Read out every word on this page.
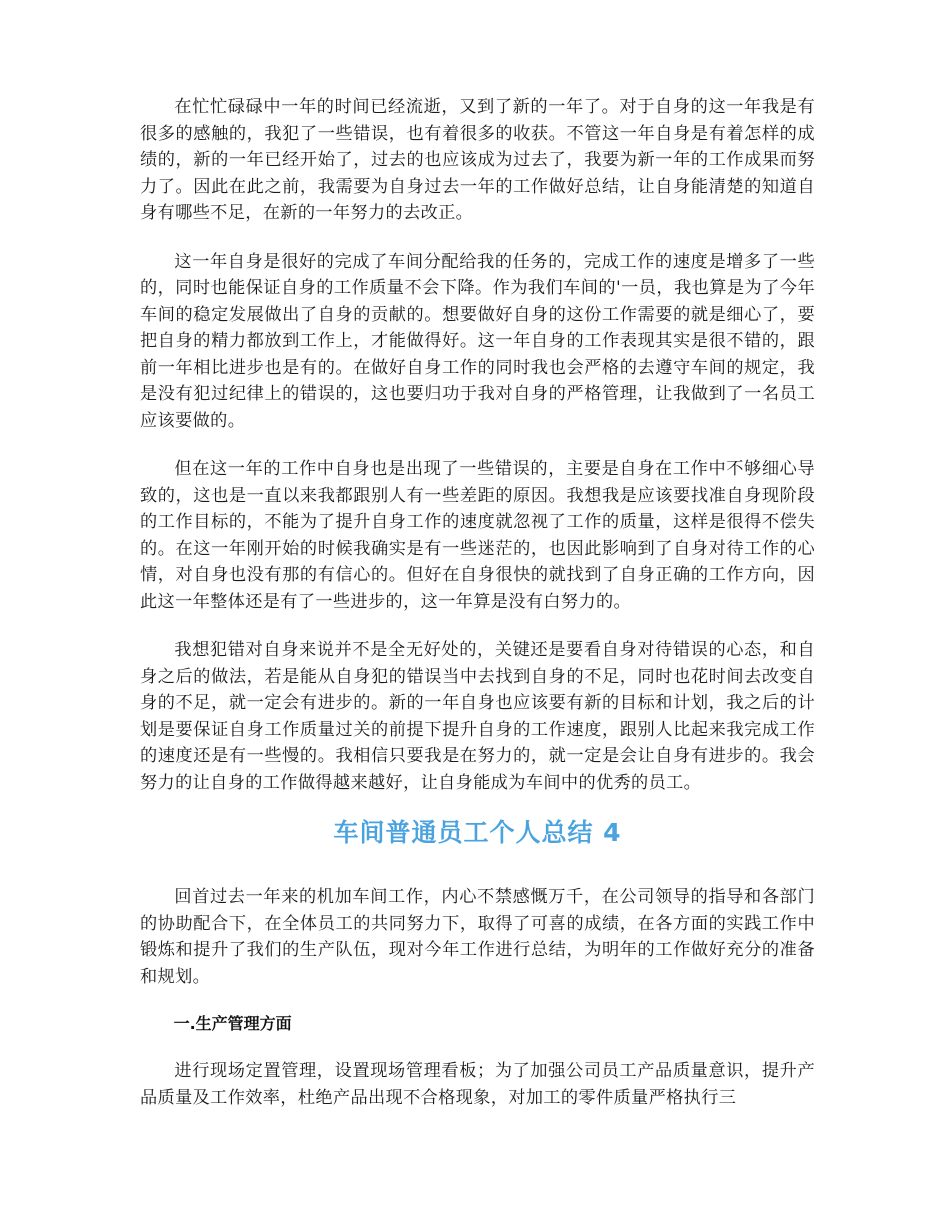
在忙忙碌碌中一年的时间已经流逝，又到了新的一年了。对于自身的这一年我是有很多的感触的，我犯了一些错误，也有着很多的收获。不管这一年自身是有着怎样的成绩的，新的一年已经开始了，过去的也应该成为过去了，我要为新一年的工作成果而努力了。因此在此之前，我需要为自身过去一年的工作做好总结，让自身能清楚的知道自身有哪些不足，在新的一年努力的去改正。

这一年自身是很好的完成了车间分配给我的任务的，完成工作的速度是增多了一些的，同时也能保证自身的工作质量不会下降。作为我们车间的'一员，我也算是为了今年车间的稳定发展做出了自身的贡献的。想要做好自身的这份工作需要的就是细心了，要把自身的精力都放到工作上，才能做得好。这一年自身的工作表现其实是很不错的，跟前一年相比进步也是有的。在做好自身工作的同时我也会严格的去遵守车间的规定，我是没有犯过纪律上的错误的，这也要归功于我对自身的严格管理，让我做到了一名员工应该要做的。

但在这一年的工作中自身也是出现了一些错误的，主要是自身在工作中不够细心导致的，这也是一直以来我都跟别人有一些差距的原因。我想我是应该要找准自身现阶段的工作目标的，不能为了提升自身工作的速度就忽视了工作的质量，这样是很得不偿失的。在这一年刚开始的时候我确实是有一些迷茫的，也因此影响到了自身对待工作的心情，对自身也没有那的有信心的。但好在自身很快的就找到了自身正确的工作方向，因此这一年整体还是有了一些进步的，这一年算是没有白努力的。

我想犯错对自身来说并不是全无好处的，关键还是要看自身对待错误的心态，和自身之后的做法，若是能从自身犯的错误当中去找到自身的不足，同时也花时间去改变自身的不足，就一定会有进步的。新的一年自身也应该要有新的目标和计划，我之后的计划是要保证自身工作质量过关的前提下提升自身的工作速度，跟别人比起来我完成工作的速度还是有一些慢的。我相信只要我是在努力的，就一定是会让自身有进步的。我会努力的让自身的工作做得越来越好，让自身能成为车间中的优秀的员工。

车间普通员工个人总结 4

回首过去一年来的机加车间工作，内心不禁感慨万千，在公司领导的指导和各部门的协助配合下，在全体员工的共同努力下，取得了可喜的成绩，在各方面的实践工作中锻炼和提升了我们的生产队伍，现对今年工作进行总结，为明年的工作做好充分的准备和规划。

一.生产管理方面

进行现场定置管理，设置现场管理看板；为了加强公司员工产品质量意识，提升产品质量及工作效率，杜绝产品出现不合格现象，对加工的零件质量严格执行三
